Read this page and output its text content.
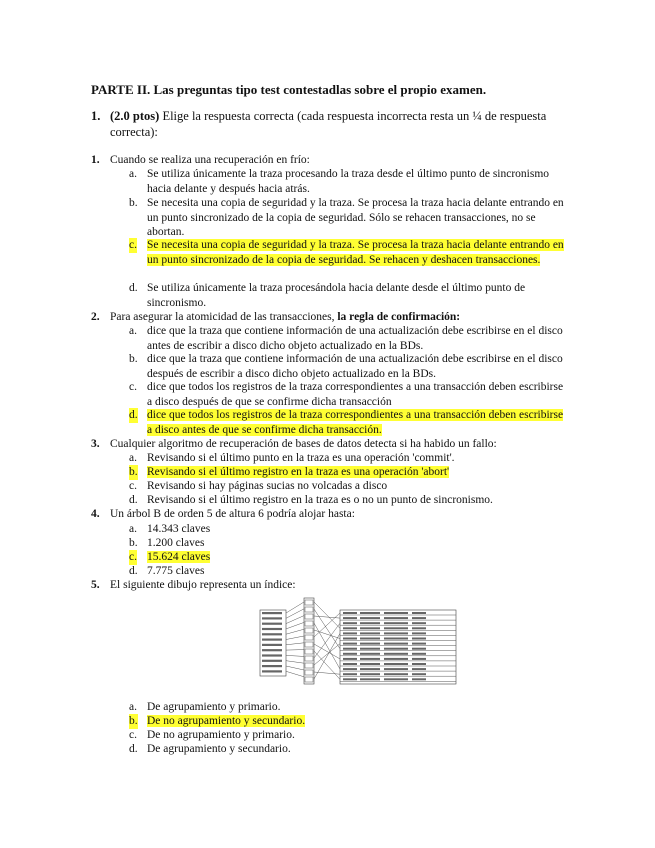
PARTE II. Las preguntas tipo test contestadlas sobre el propio examen.
1. (2.0 ptos) Elige la respuesta correcta (cada respuesta incorrecta resta un ¼ de respuesta correcta):
1. Cuando se realiza una recuperación en frío:
a. Se utiliza únicamente la traza procesando la traza desde el último punto de sincronismo hacia delante y después hacia atrás.
b. Se necesita una copia de seguridad y la traza. Se procesa la traza hacia delante entrando en un punto sincronizado de la copia de seguridad. Sólo se rehacen transacciones, no se abortan.
c. Se necesita una copia de seguridad y la traza. Se procesa la traza hacia delante entrando en un punto sincronizado de la copia de seguridad. Se rehacen y deshacen transacciones.
d. Se utiliza únicamente la traza procesándola hacia delante desde el último punto de sincronismo.
2. Para asegurar la atomicidad de las transacciones, la regla de confirmación:
a. dice que la traza que contiene información de una actualización debe escribirse en el disco antes de escribir a disco dicho objeto actualizado en la BDs.
b. dice que la traza que contiene información de una actualización debe escribirse en el disco después de escribir a disco dicho objeto actualizado en la BDs.
c. dice que todos los registros de la traza correspondientes a una transacción deben escribirse a disco después de que se confirme dicha transacción
d. dice que todos los registros de la traza correspondientes a una transacción deben escribirse a disco antes de que se confirme dicha transacción.
3. Cualquier algoritmo de recuperación de bases de datos detecta si ha habido un fallo:
a. Revisando si el último punto en la traza es una operación 'commit'.
b. Revisando si el último registro en la traza es una operación 'abort'
c. Revisando si hay páginas sucias no volcadas a disco
d. Revisando si el último registro en la traza es o no un punto de sincronismo.
4. Un árbol B de orden 5 de altura 6 podría alojar hasta:
a. 14.343 claves
b. 1.200 claves
c. 15.624 claves
d. 7.775 claves
5. El siguiente dibujo representa un índice:
a. De agrupamiento y primario.
b. De no agrupamiento y secundario.
c. De no agrupamiento y primario.
d. De agrupamiento y secundario.
